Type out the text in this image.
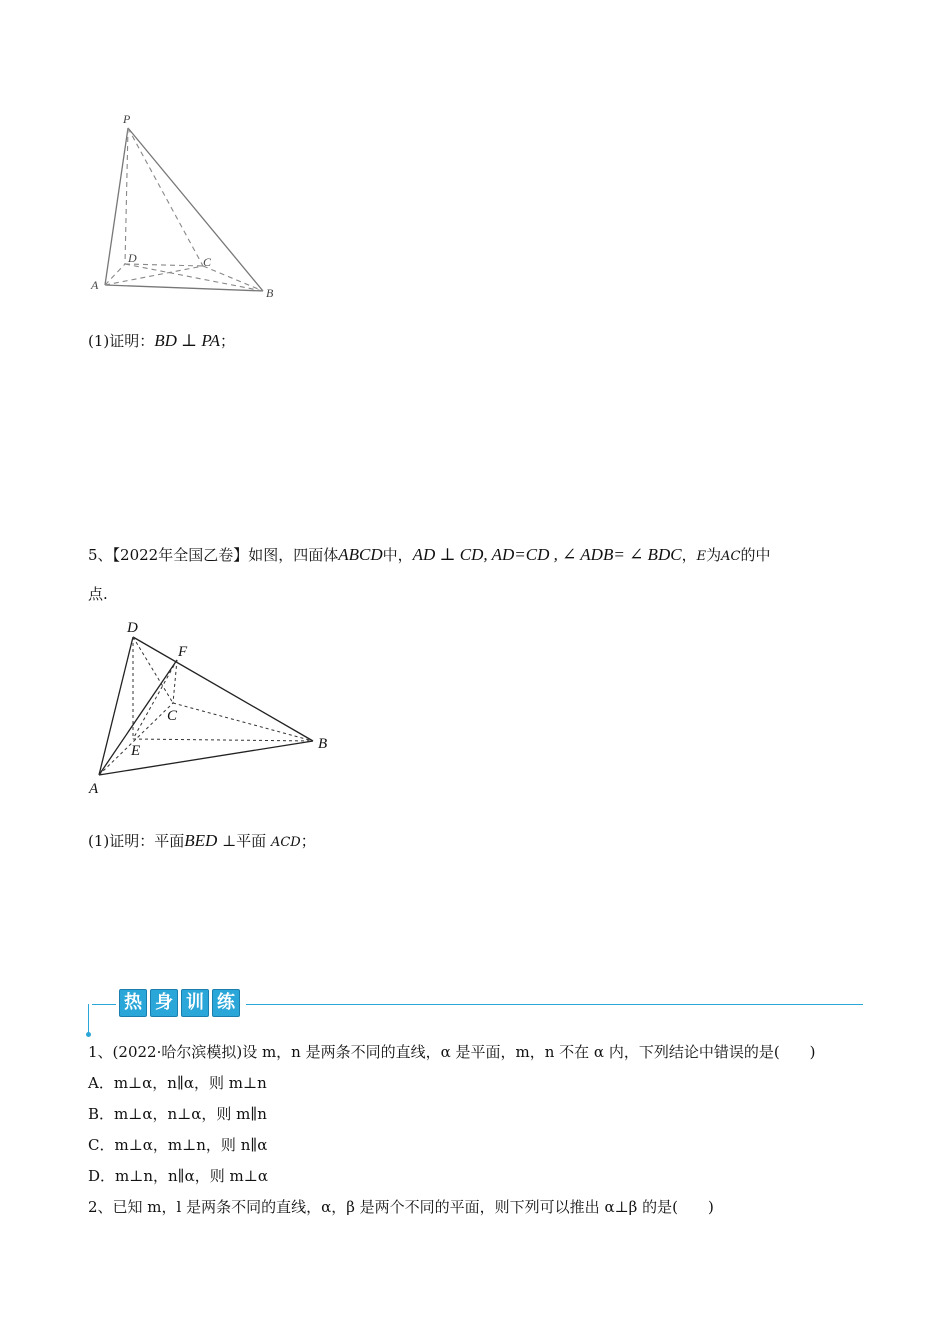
P
A
B
C
D
(1)证明：BD ⊥ PA；
5、【2022年全国乙卷】如图，四面体ABCD中，AD ⊥ CD, AD=CD , ∠ ADB= ∠ BDC，E为AC的中
点.
D
F
C
B
E
A
(1)证明：平面BED ⊥平面 ACD；
热 身 训 练
1、(2022·哈尔滨模拟)设 m，n 是两条不同的直线，α 是平面，m，n 不在 α 内，下列结论中错误的是(　　)
A．m⊥α，n∥α，则 m⊥n
B．m⊥α，n⊥α，则 m∥n
C．m⊥α，m⊥n，则 n∥α
D．m⊥n，n∥α，则 m⊥α
2、已知 m，l 是两条不同的直线，α，β 是两个不同的平面，则下列可以推出 α⊥β 的是(　　)
